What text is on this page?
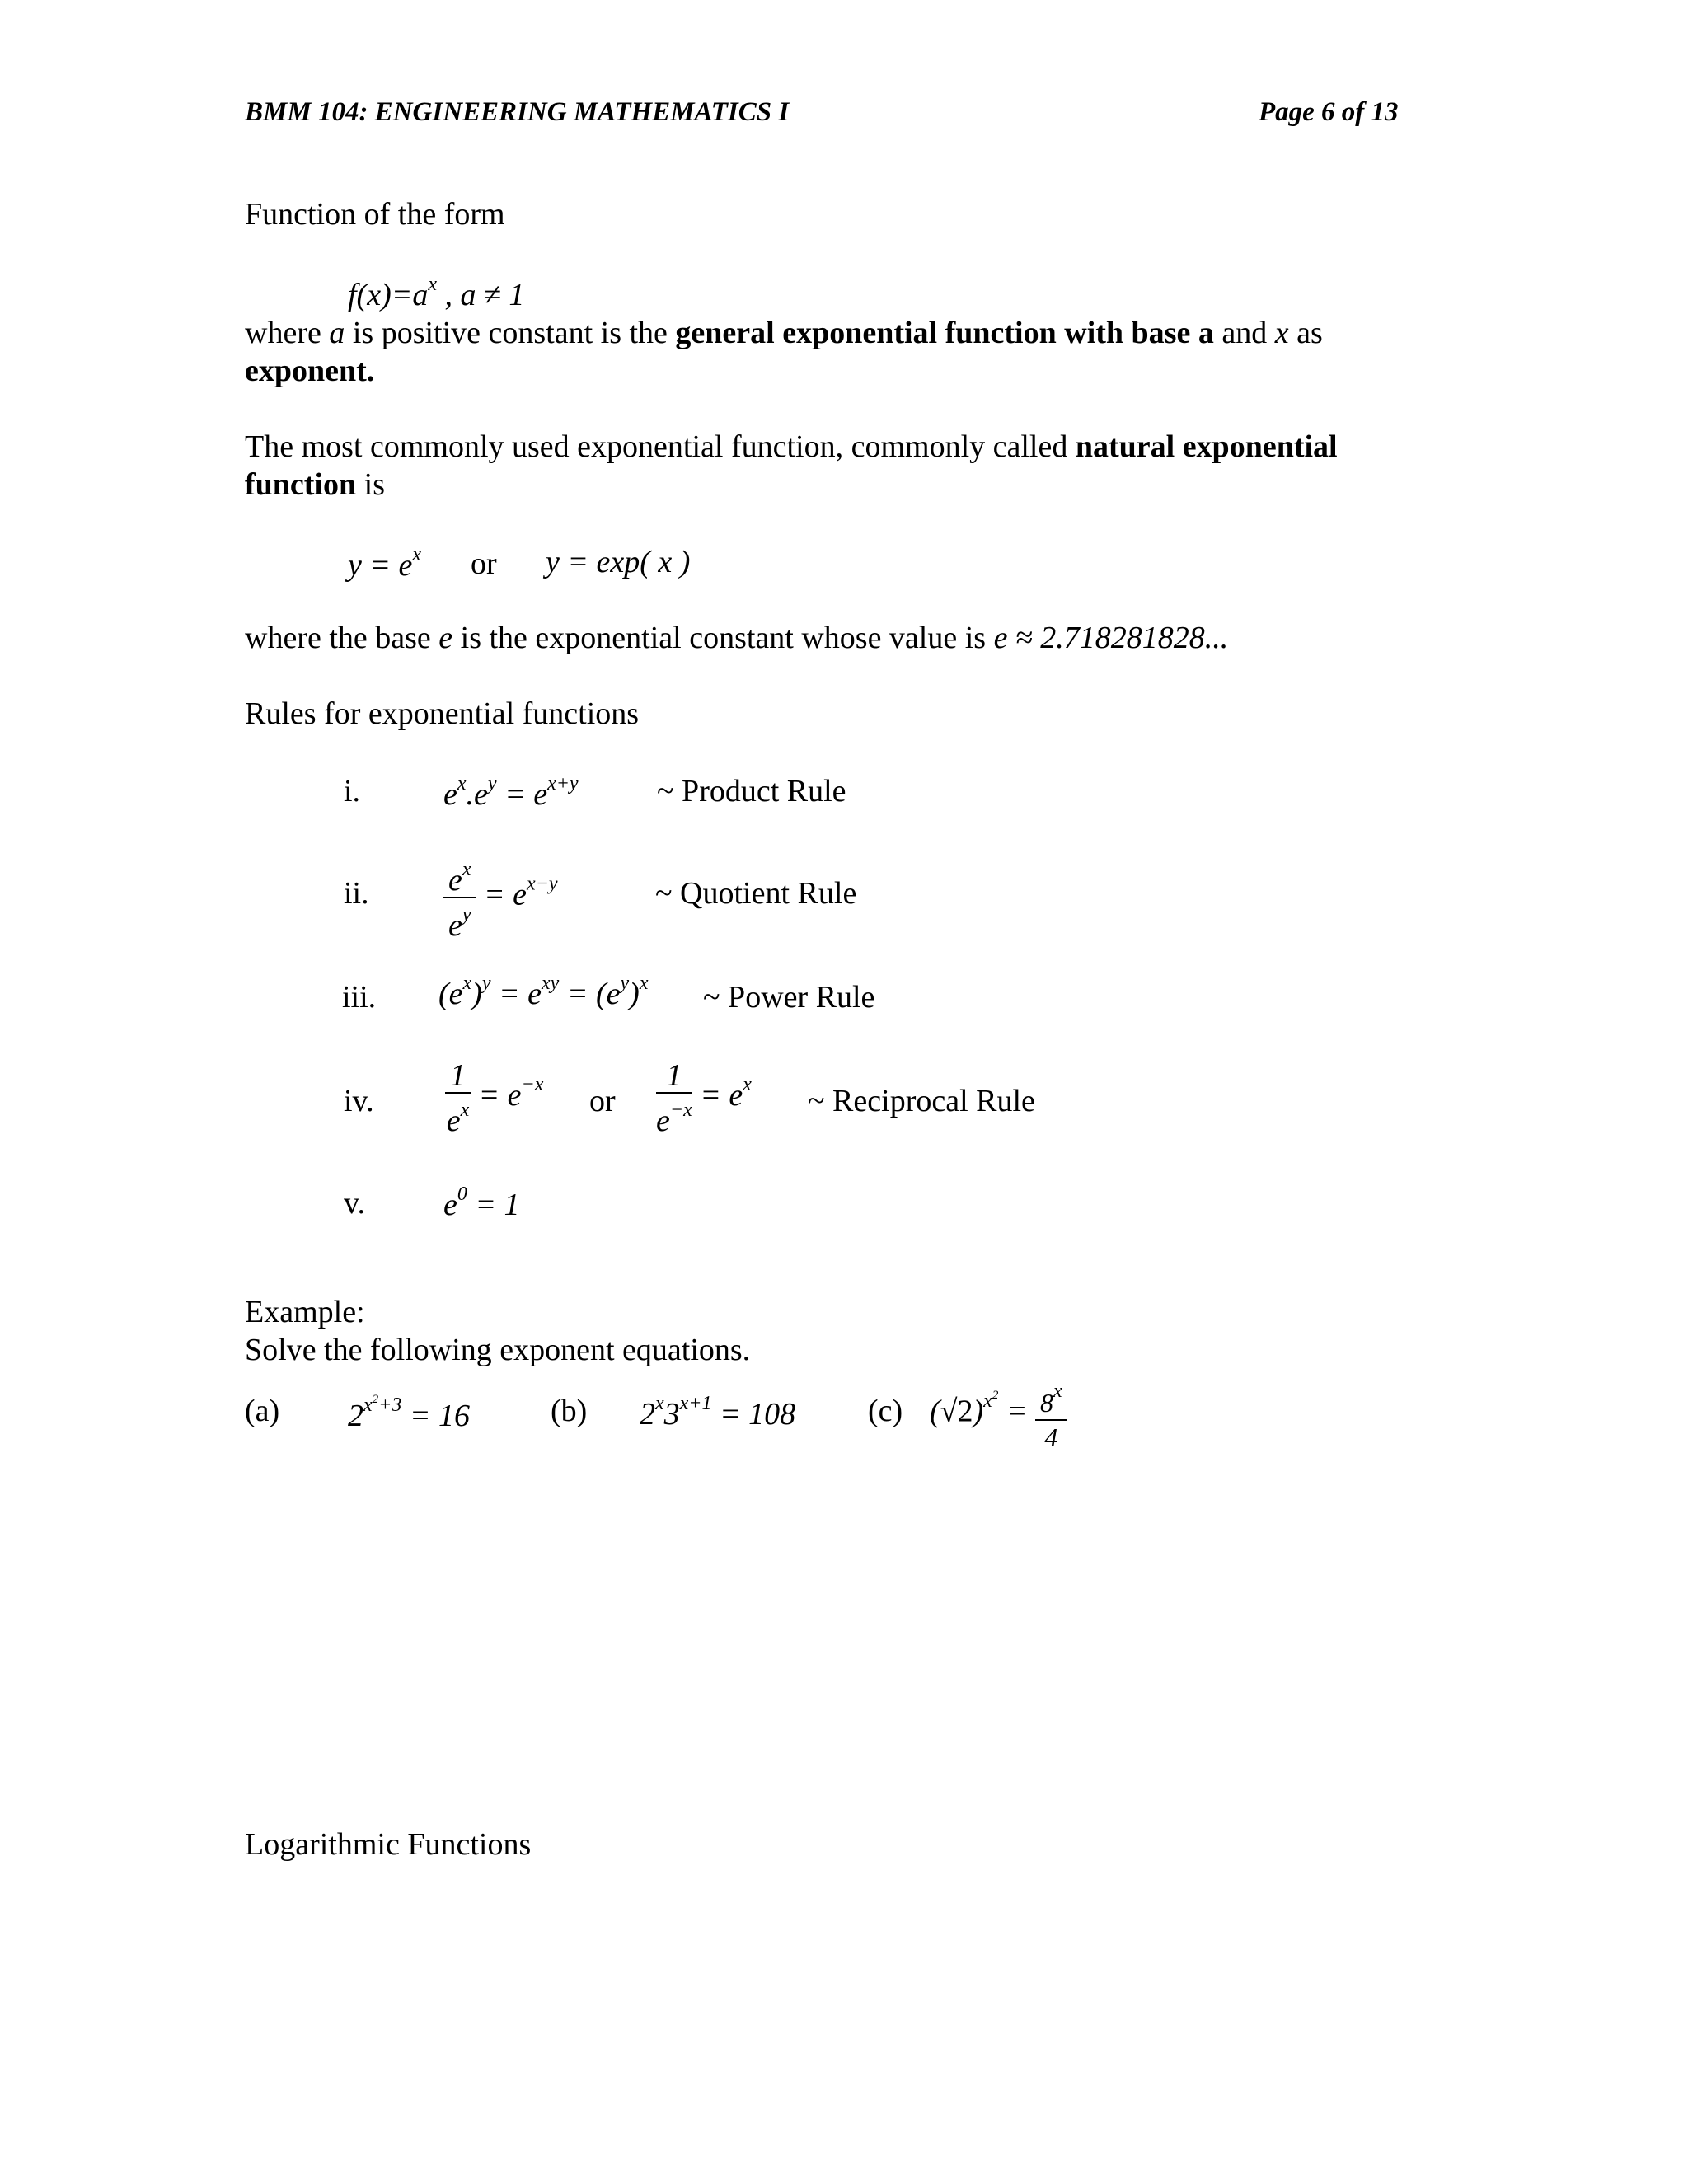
BMM 104: ENGINEERING MATHEMATICS I	Page 6 of 13
Function of the form
$f(x)=a^x$ , a ≠ 1
where a is positive constant is the general exponential function with base a and x as
exponent.
The most commonly used exponential function, commonly called natural exponential
function is
$y = e^x$ or y = exp( x )
where the base e is the exponential constant whose value is e ≈ 2.718281828...
Rules for exponential functions
i.	$e^x.e^y = e^{x+y}$	~ Product Rule
ii. $\frac{e^x}{e^y} = e^{x-y}$	~ Quotient Rule
iii. $(e^x)^y = e^{xy} = (e^y)^x$ ~ Power Rule
iv. $\frac{1}{e^x} = e^{-x}$ or $\frac{1}{e^{-x}} = e^x$ ~ Reciprocal Rule
v. $e^0 = 1$
Example:
Solve the following exponent equations.
(a) $2^{x^2+3} = 16$	(b) $2^x3^{x+1} = 108$ (c) $(√2)^{x^2} = \frac{8^x}{4}$
Logarithmic Functions
